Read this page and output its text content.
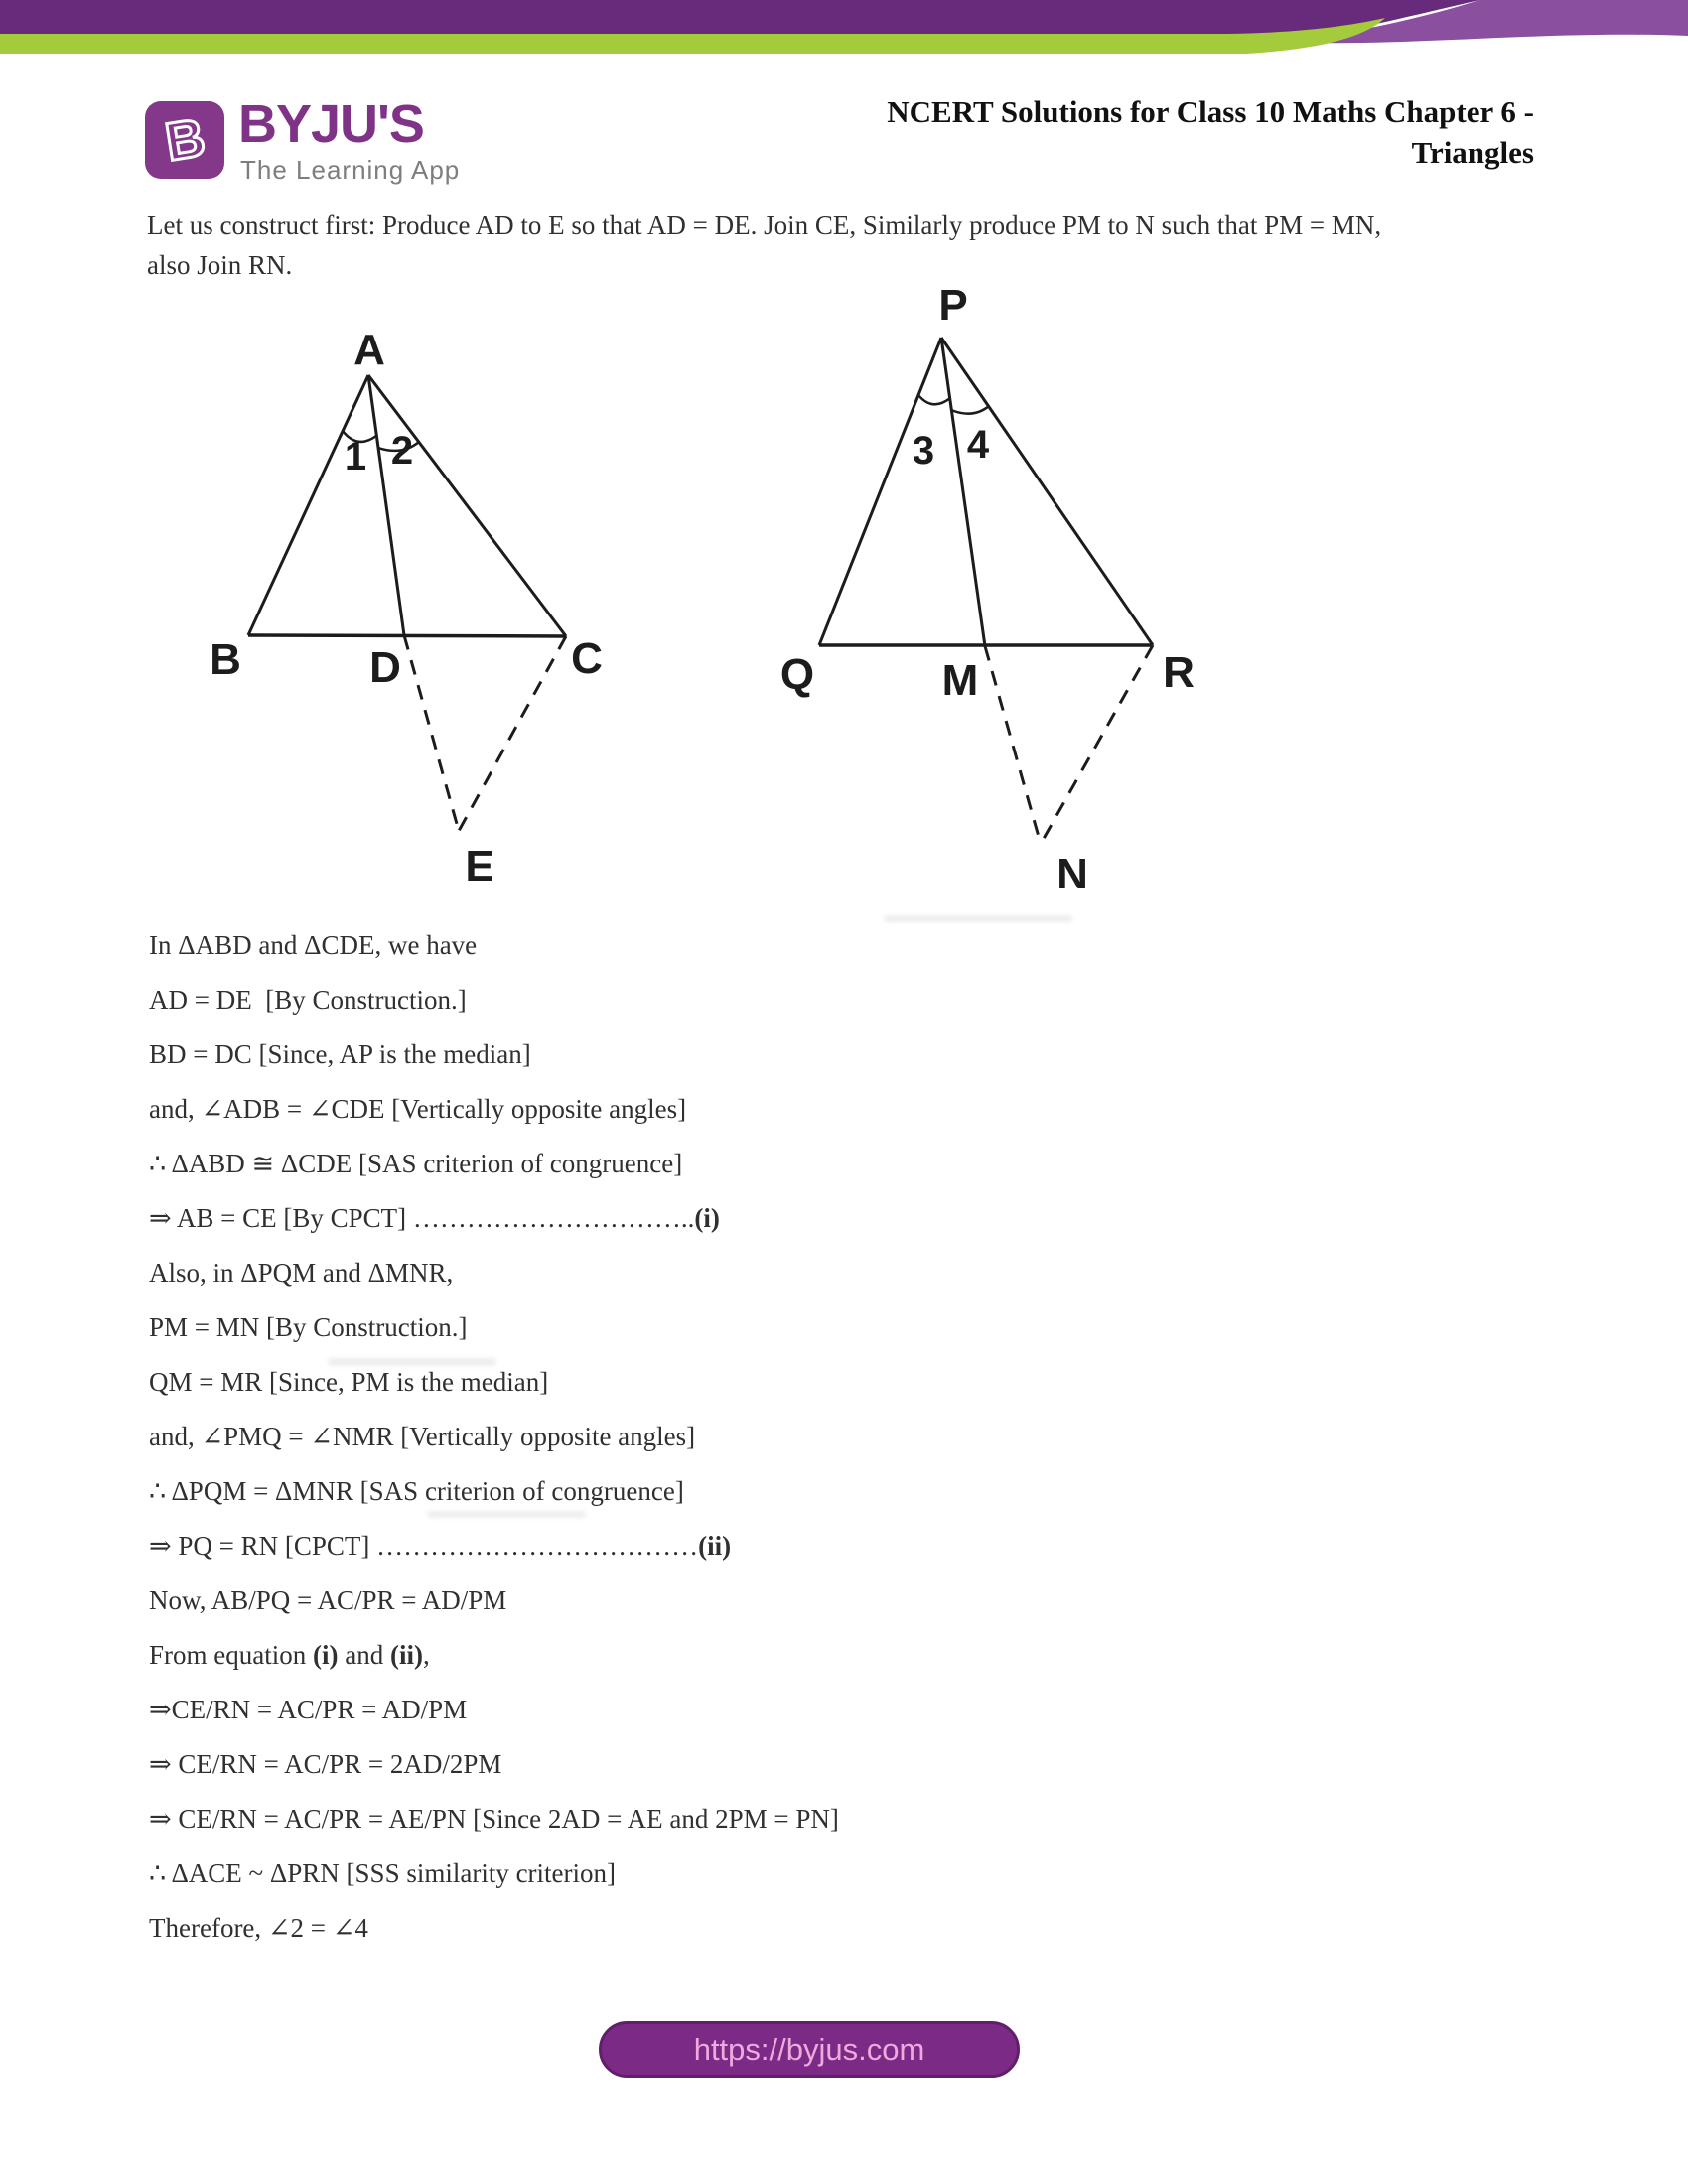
B BYJU'S
The Learning App
NCERT Solutions for Class 10 Maths Chapter 6 -
Triangles
Let us construct first: Produce AD to E so that AD = DE. Join CE, Similarly produce PM to N such that PM = MN,
also Join RN.
A
B	C
D
E
1 2
P
Q	M	R
N
3 4
In ΔABD and ΔCDE, we have
AD = DE  [By Construction.]
BD = DC [Since, AP is the median]
and, ∠ADB = ∠CDE [Vertically opposite angles]
∴ ΔABD ≅ ΔCDE [SAS criterion of congruence]
⇒ AB = CE [By CPCT] …………………………..(i)
Also, in ΔPQM and ΔMNR,
PM = MN [By Construction.]
QM = MR [Since, PM is the median]
and, ∠PMQ = ∠NMR [Vertically opposite angles]
∴ ΔPQM = ΔMNR [SAS criterion of congruence]
⇒ PQ = RN [CPCT] ………………………………(ii)
Now, AB/PQ = AC/PR = AD/PM
From equation (i) and (ii),
⇒CE/RN = AC/PR = AD/PM
⇒ CE/RN = AC/PR = 2AD/2PM
⇒ CE/RN = AC/PR = AE/PN [Since 2AD = AE and 2PM = PN]
∴ ΔACE ~ ΔPRN [SSS similarity criterion]
Therefore, ∠2 = ∠4
https://byjus.com
